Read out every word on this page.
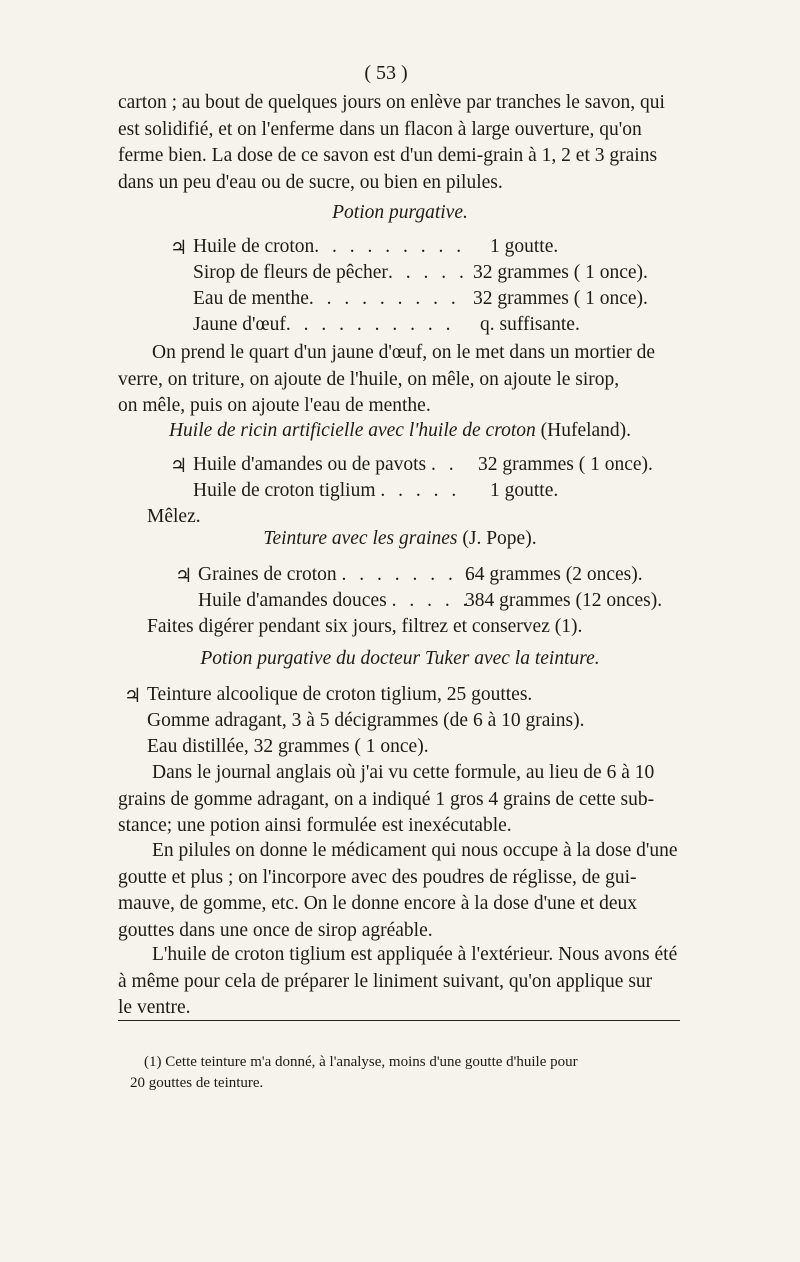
( 53 )

carton ; au bout de quelques jours on enlève par tranches le savon, qui

est solidifié, et on l'enferme dans un flacon à large ouverture, qu'on

ferme bien. La dose de ce savon est d'un demi-grain à 1, 2 et 3 grains

dans un peu d'eau ou de sucre, ou bien en pilules.

Potion purgative.
♃ Huile de croton. . . . . . . . . 1 goutte.
Sirop de fleurs de pêcher. . . . . 32 grammes ( 1 once).
Eau de menthe. . . . . . . . . 32 grammes ( 1 once).
Jaune d'œuf. . . . . . . . . . q. suffisante.

On prend le quart d'un jaune d'œuf, on le met dans un mortier de

verre, on triture, on ajoute de l'huile, on mêle, on ajoute le sirop,

on mêle, puis on ajoute l'eau de menthe.

Huile de ricin artificielle avec l'huile de croton (Hufeland).
♃ Huile d'amandes ou de pavots . . 32 grammes ( 1 once).
Huile de croton tiglium . . . . . 1 goutte.
Mêlez.
Teinture avec les graines (J. Pope).
♃ Graines de croton . . . . . . . .
64 grammes (2 onces).
Huile d'amandes douces . . . . .
384 grammes (12 onces).
Faites digérer pendant six jours, filtrez et conservez (1).
Potion purgative du docteur Tuker avec la teinture.
♃ Teinture alcoolique de croton tiglium, 25 gouttes.
Gomme adragant, 3 à 5 décigrammes (de 6 à 10 grains).
Eau distillée, 32 grammes ( 1 once).

Dans le journal anglais où j'ai vu cette formule, au lieu de 6 à 10

grains de gomme adragant, on a indiqué 1 gros 4 grains de cette sub-

stance; une potion ainsi formulée est inexécutable.

En pilules on donne le médicament qui nous occupe à la dose d'une

goutte et plus ; on l'incorpore avec des poudres de réglisse, de gui-

mauve, de gomme, etc. On le donne encore à la dose d'une et deux

gouttes dans une once de sirop agréable.

L'huile de croton tiglium est appliquée à l'extérieur. Nous avons été

à même pour cela de préparer le liniment suivant, qu'on applique sur

le ventre.

(1) Cette teinture m'a donné, à l'analyse, moins d'une goutte d'huile pour

20 gouttes de teinture.
